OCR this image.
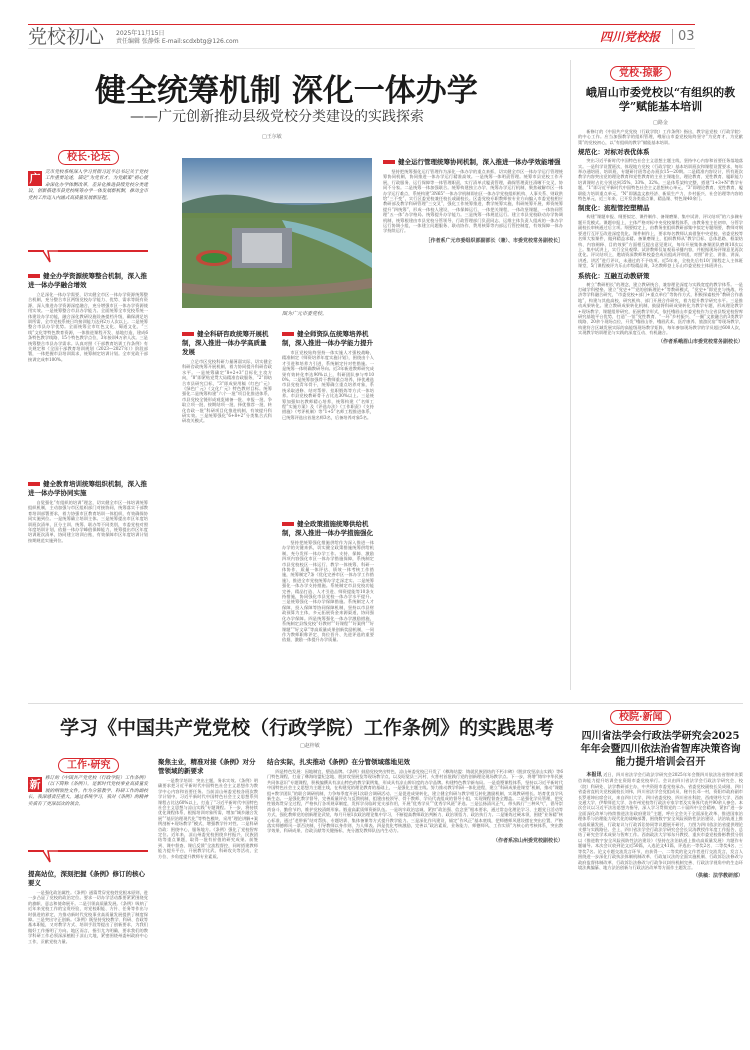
党校初心 2025年11月15日
责任编辑 张静姝 E-mail:scdxbtg@126.com	四川党校报	03
健全统筹机制 深化一体办学
——广元创新推动县级党校分类建设的实践探索
□王尔敏
校长·论坛
广 元市党校系统深入学习贯彻习近平总书记关于党校工作重要论述，锚定“为党育才，为党献策”初心使命深化办学体制改革，差异化推进县级党校分类建设，创新搭建市县党校统筹办学一体发展新机制，推动全市党校工作迈入内涵式高质量发展新征程。
健全办学资源统筹整合机制，深入推进一体办学融合增效

立足深化一体办学需要，切实健全市区一体办学资源统筹整合机制，充分整合市区两级党校办学能力、优势、需求等既有资源，深入推进办学资源深度融合，充分增强市区一体办学资源使用实效。一是统筹整合市县办学能力。全面统筹全市党校系统一体建设办学功能，融合深化教研设施设备提档升级，确保满足培训所需，全市党校系统日均接训能力达到2万人次以上。二是统筹整合市县办学优势。全面统筹全市红色文化、蜀道文化、“三线”文化等特色教育资源，一体推进课程开发、基地打造，建成6条特色教学线路、15个特色教学点位，3年接训4万余人次。三是统筹整合市县办学需求。认真对照《干部教育培训工作条例》有关规定和《全国干部教育培训规划（2023—2027年）》阶段部署，一体把握市县培训需求，统筹制定培训计划。全市党政干部接训完成率100%。

健全教育培训统筹组织机制，深入推进一体办学协同实施

自觉强化“有组织的培训”理念，切实健全市区一体培训统筹组织机制，主动加强与市区组织部门对接协同，统筹落实干部教育培训部署要求，着力协强市区教育培训一体组织，有效确保协同实施到位。一是统筹确立培训主体。三是统筹提出市区年度培训班次清单，区分主训、统筹、联办等不同类别，市委党校对照年度培训计划，依据一体办学峰值保障能力，统筹提出市区年度培训班次清单，协同建立培训台账，有效保障市区年度培训计划按期规范实施到位。

图为广元市委党校。
健全科研咨政统筹开展机制，深入推进一体办学高质量发展

立足市区党校科研力量薄弱实际，切实健全科研咨政统筹开展机制，着力协同提升科研咨政水平。一是统筹确定“8+2+3”目标化主攻方向，“8”即紧贴党贯大局精准咨政服务，“2”即结合市县研究目标，“3”即成果用稿《红色广元》《绿色广元》《文化广元》特色教材目标。统筹强化二是统筹构建“六个一批”项目化推进体系，市县党校全链形成观览储备一批、申报一批、争取立项一批、按期结项一批、择优推荐一批、转化咨政一批“科研项目化推进机制，有效提升科研实效。三是统筹强化“6+8+2”分类集合式科研攻关模式。

健全师资队伍统筹培养机制，深入推进一体办学能力提升

市区党校始终坚持一体实施人才强校战略，精准制定《师资培养年度实施计划》，围绕由个人才引进和培养力引进，系统制定针对性措施。一是统筹一体明确教研导向。近3年新进教师研究成果有效转化率达90%以上，科研团队参与率100%。二是统筹加强骨干教师重点培养，择优遴选市县党校青年骨干，统筹确立重点培养对象，系统采取进修、结对帮带、挂职锻炼等方式一体培养。市县党校教研骨干占比达30%以上。三是统筹加强知名教师精心培养，统筹构建《“名师工程”实施方案》及《评选办法》《工作职责》《支持措施》《考评机制》等“1+5”名师工程推进体系，已统筹评选出首批名师3名，后备培养对象5名。

健全政策措施统筹供给机制，深入推进一体办学措施强化

坚持把统筹强化措施供给作为深入推进一体办学的关键来抓，切实健全政策措施统筹供给机制，充分发挥一体办学工作。支持、保障、激励四项内容强化市区一体办学措施保障，系统制定市县党校校区一体运行、教学一体统筹、科研一体协作、质量一体评估、绩效一体考核工作措施，统筹制定7条《优化完善市区一体办学工作措施》，推进全市党校统筹办学走深走实。二是统筹强化一体办学支持措施。系统制定市县党校功能完善、精品打造、人才引进、师资提能等10条支持措施，协同强化市县党校一体办学水平提升。三是统筹强化一体办学保障措施。系统制定人才保障、投入保障等协同保障机制，坚持以市县财政预算为主体，多元拓展资金来源渠道，协同强化办学保障。四是统筹强化一体办学激励措施，系统制定县级党校“好教材”“好课程”“好案例”“好课题”“好文章”等高质量成果创新奖励机制，一同作为教师职称评定、岗位晋升、先进评选的重要依据，激励一体提升办学质量。

健全运行管理统筹协同机制，深入推进一体办学效能增强

坚持把统筹强化运行管理作为深化一体办学的重点来抓，切实健全市区一体办学运行管理统筹协同机制，协同推进一体办学运行精准高效。一是统筹一体明责管理。统筹市县党校工作开展，行政服务、运行保障等一体管理职责，实行清单式履责管理，确保管理责任清晰不交叉，协同不分家。二是统筹一体加强联合。统筹构建独立办学、统筹办学运行机制，聚焦破解市区一体办学运行难点，系统构建“3N65”一体办学机制即由区一体办学党校组织机构、人事关系、财政供给“三不变”，实行区委党校兼任校长或副校长。区委党校专职教师按专业方向编入市委党校相应教研部及教学科研管理“三交叉”，强化工作统筹推进，教学统筹实施，科研统筹开展，师资统筹提升“四统筹”，形成一体校人建设，一体保障运行，一体把关课程，一体改坚课题，一体协同管理“五一体”办学格局。统筹提升办学能力。三是统筹一体规范运行。建立市县党校联动办学协调机制，统筹根建由市县党校分管领导、行政管理部门负责同志、运维主体负责人组成的一体办学运行协调小组，一体建立问题服务、联动协作、费用核算等内部运行管控制度，有效保障一体办学持续运行。

［作者系广元市委组织部副部长（兼）、市委党校常务副校长］
党校·掠影
峨眉山市委党校以“有组织的教学”赋能基本培训
□路金

新修订的《中国共产党党校（行政学院）工作条例》指出，教学是党校（行政学院）的中心工作。应当加强教学的组织管理，峨眉山市委党校始终坚守“为党育才、为党献策”的党校初心，以“有组织的教学”赋能基本培训。

规范化：对标对表优体系

突出习近平新时代中国特色社会主义思想主题主线，坚持中心内容和首要任务落地落实。一是科学设置班次，体现地方党校（行政学院）基本培训班次和课程设置要求，每年举办通培班、培训班、专题研讨班等必办班次15—20期。二是精准内容设计，所有班次教学内容突出党的理论教育和党性教育的主业主课地位，理论教育、党性教育、履职能力培训课时占比分别达到35%、33%、32%。三是体系架构完整，搭建“1+3+N”教学专题，“1”即习近平新时代中国特色社会主义思想核心单元，“3”即理论教育、党性教育、履职能力培训重点单元，“N”即涵盖文旅经济、新质生产力、乡村振兴、社会治理等内容的特色单元，近三年来，已开发各类重点课、精品课、特色课40余门。

制度化：流程管控塑精品

构建“课题申报、纲要拟定、课件制作、备课磨课、集中试讲、评议结项”的六步骤专题开发模式。课题申报上，主体严格对标中央党校课程体系，由教务室主任初审，分管学副校长审核通过后立项。纲要拟定上，由教务室组织教研部集中拟定专题纲要，教师对纲要进行互评互改进深度优化。课件制作上，要求每名教师认真借鉴中央党校、省委党校等名师大家课件，做到精益求精。备课磨课上，组织教师从“教学目标、总体思路、框架结构、内容阐释、目的效果”方面相互提出意见建议，每年开展集体备课团队磨课10次以上。集中试讲上，实行全员观摩。试讲教师仅复观看录播内容，并根据现场评课意见再次优化。评议结项上，邀请资深教师和校委会成员组成评审团，对照“讲全、讲准、讲深、讲透、讲活”进行评议，未通过的不予结项。近5年来，全校先后有10门课程走入主体班课堂，5门课程被评为乐山市级精品课，3名教师登上乐山市委党校主体班讲台。

系统化：互融互动教研策

树立“教研相长”的理念，建立教研统合、兼容理论深度与实践宽度的教学体系。一是打破学科壁垒。建立“党史+”“党的创新理论+”等教研模式，“党史+”即党史与统战、经济等学科融合研究，“市委党校+部门+重点单位”等协作方式，积极探索校外“教研合作基地”，构建与其他高校、研究机构、部门开展合作研究，着力提升教学研究水平。三是推动成果转化。建立教研成果转化机制，鼓励将科研成果转化为教学专题，形成理论教学+现场教学、课题组带研究，拓展教学形式，依托峨眉山市委党校作为全省县级党校智库研究基地平台优势，打造“一馆”党性教育、“一环”乡村振兴、“一圈”文旅融合的3类教学线路、20余个现场点位，开发“峨眉山茶、峨眉武术、医疗康养、旅游民宿”等现场教学，构建符合区域发展实际的高能级现场教学矩阵，每年参加现场教学的学员超过600人次，实现教学培训理论与实践的深度互动、有机融合。

（作者系峨眉山市委党校常务副校长）
学习《中国共产党党校（行政学院）工作条例》的实践思考
□赵梓敏
工作·研究
新 修订的《中国共产党党校（行政学院）工作条例》（以下简称《条例》），是新时代党校事业高质量发展的纲领性文件。作为分管教学、科研工作的副校长，我深感责任重大。通过系统学习，我对《条例》的精神实质有了更深层次的领会。
提高站位，深刻把握《条例》修订的核心要义

一是强化政治属性。《条例》通篇贯穿党校姓党根本原则，进一步凸显了党校的政治定位。要求一切办学活动都要紧紧围绕党的旗帜、意志和使命展开。二是引领高质量发展。《条例》吸纳了近年来党校工作的宝贵经验，对党校职能、方针、任务等作出与时俱进的界定，为推动新时代党校事业高质量发展提供了制度保障。三是突出守正创新。《条例》既坚持党校教学、科研、咨政等基本职能，又对教学方式、培训手段等提出了创新要求，为我们做好工作指明了方向。地区而言，指引尤为明确，要求我们的教学科研工作必须深深植根于凉山大地，紧密围绕州委州政府中心工作，贡献党校力量。

聚焦主业，精准对接《条例》对分管领域的新要求

一是教学培训：突出主题，务求实效。《条例》明确要求把习近平新时代中国特色社会主义思想作为教学中心内容和首要任务。当前凉山州委党校各班次教学计划中，习近平新时代中国特色社会主义思想系列课程占比达60%以上，打造了“习近平新时代中国特色社会主义思想与凉山实践”专题课程。下一步，将持续优化课程体系，根据培训对象所需，增加“城乡融合发展”“基层治理现代化”等特色模块，采用“理论讲解+案例剖析+现场教学”模式，增强教学针对性。二是科研咨政：围绕中心，服务地方。《条例》强化了党校智库定位。近年来，凉山州委党校围绕乡村振兴、民族团结等重点课题，取得一批有价值的研究成果。前签到、课中督查、课后反馈“全流程督控，同时搭建教师能力提升平台，开展教学比武、科研攻关等活动，全方位、多角度提升教师专业素质。

结合实际，扎实推动《条例》在分管领域落地见效

四是特色发展：因地制宜，塑造品牌。《条例》鼓励党校突出特色，凉山州委党校已开发了《彝海结盟：铸就民族团结的不朽丰碑》《脱贫攻坚凉山实践》等6门特色课程，打造了彝海结盟纪念地、脱贫攻坚展览等现场教学点，以及昭觉县三河村、火普村首批践行党的创新理论现场教学点。下一步，将增“铸牢中华民族共同体意识”专题课程，积极编撰具有凉山特色的教学案例集，形成具有凉山辨识度的办学品牌。构建特色教学新布局。一是重塑课程体系，坚持以习近平新时代中国特色社会主义思想为主题主线，在构建党的理论教育的基础上，一是强化主题主线。努力推动教学科研一体化进程，建立“科研成果进课堂”机制，推动“课题组+教学团队”的联合调研机制，力争每季度开展1次联合调研活动。三是促进成果转化，建立健全科研与教学相互转化激励机制，实现教研相长。培育优良学风新生态。一是强化教学督导，完善质量评估与反馈机制，组建由校领导、骨干教师、学员代表组成的督导小组，实现课程督查全覆盖。二是强化学员管理，把党性锻炼贯穿全过程，严格执行各项规章制度，发挥学员临时党支部作用，开展“优秀学员”“优秀学风班”评选。三是弘扬清风正气，带头践行“三种风气”，倡导崇尚奋斗、勤俭节约，维护党校清朗形象。锻造高素质师资新队伍。一是筑牢政治忠诚，紧扣“政治强、信念坚”根本要求，通过常态化理论学习、主题党日活动等方式，强化教师党的创新理论武装，每月开展1次政治理论集中学习，不断提高教师政治判断力、政治领悟力、政治执行力。二是锤炼过硬本领，围绕“业务精”核心标准，通过“老带新”结对帮扶、专题培训、集体备课等方式提升教学能力。三是深化作风建设，锚定“作风正”基本底线，把师德师风建设摆在突出位置，严格落实师德师风一票否决制，引导教师以身作则、为人师表。四是优化考核激励，完善以“政治素质、业务能力、师德师风、工作实绩”为核心的考核体系，突出教学效果、科研成果、咨政贡献等关键指标，充分激发教师队伍内生动力。

（作者系凉山州委党校副校长）
校院·新闻
四川省法学会行政法学研究会2025年年会暨四川依法治省智库决策咨询能力提升培训会召开

本报讯 近日，四川省法学会行政法学研究会2025年年会暨四川依法治省智库决策咨询能力提升培训会在资阳市委党校举行。会议由四川省法学会行政法学研究会、校（院）科研处、法学教研部主办，中共资阳市委党校承办。省委党校副校长吴成刚，四川省委省直机关党校副校长刘伟，四川省法学会党组成员、秘书长邓一村，资阳市政府副市长罗道坤出席会议，来自四川大学、四川省委党校、四川省社科院、西南财经大学、西南交通大学、伊犁师范大学、各市州党校等行政法专家学者及实务界代表共90余人参会。本次会议以习近平法治思想为指导，深入学习贯彻党的二十届四中全会精神，紧扣“进一步全面深化改革与持续推进法治政府建设”主题，呼应全会关于全面深化改革、推进国家治理体系与治理能力现代化的战略部署，围绕数字安全风险预防性法治建设、法治轨道上推动高质量发展、行政复议与行政诉讼协同等议题展开研讨，力图为四川依法治省提供理论支撑与实践路径。会上，四川省法学会行政法学研究会会长吴涛教授作年度工作报告，总结了研究会学术成果与智库工作。西南政法大学邹东升教授、重庆市委党校鲁彬教授分别以《推进数字安全风险预防性法治建设》《坚持在法治轨道上推动高质量发展》为题作专题辅导。本次会议收到论文近50篇，入选论文41篇，评选出一等奖2名、二等奖4名、三等奖7名。论文专题交流发言环节，由获得一、二等奖的论文作者进行交流发言，发言人围绕进一步深化行政执法体制机制改革、行政复议法的全面实施机制、行政诉讼法修改与政府监督体制改革、行政诉讼法修改与行政争议纠纷机制完善、行政法学视角中的生态环境法典编纂、地方法治创新与行政法治改革等方面作主题发言。

（供稿：法学教研部）
